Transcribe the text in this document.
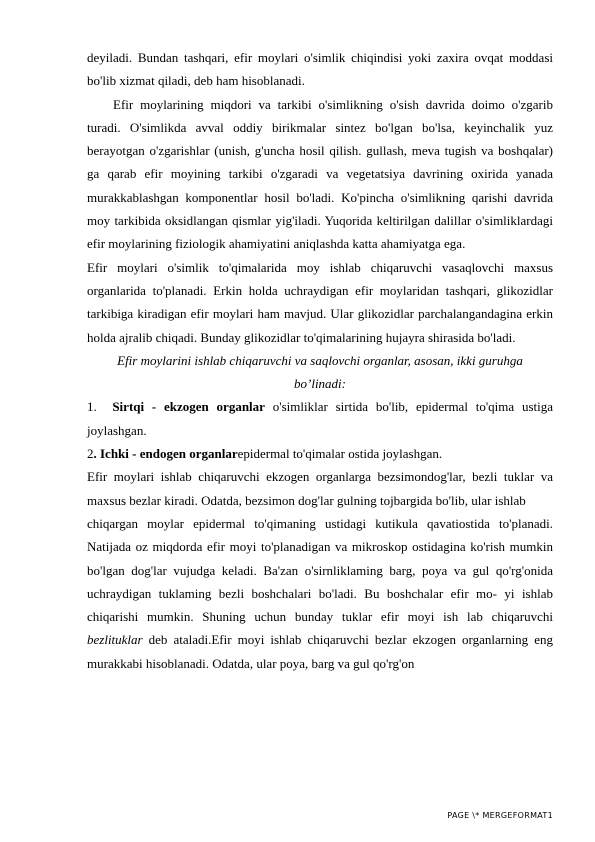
deyiladi. Bundan tashqari, efir moylari o'simlik chiqindisi yoki zaxira ovqat moddasi bo'lib xizmat qiladi, deb ham hisoblanadi.

Efir moylarining miqdori va tarkibi o'simlikning o'sish davrida doimo o'zgarib turadi. O'simlikda avval oddiy birikmalar sintez bo'lgan bo'lsa, keyinchalik yuz berayotgan o'zgarishlar (unish, g'uncha hosil qilish. gullash, meva tugish va boshqalar) ga qarab efir moyining tarkibi o'zgaradi va vegetatsiya davrining oxirida yanada murakkablashgan komponentlar hosil bo'ladi. Ko'pincha o'simlikning qarishi davrida moy tarkibida oksidlangan qismlar yig'iladi. Yuqorida keltirilgan dalillar o'simliklardagi efir moylarining fiziologik ahamiyatini aniqlashda katta ahamiyatga ega.

Efir moylari o'simlik to'qimalarida moy ishlab chiqaruvchi vasaqlovchi maxsus organlarida to'planadi. Erkin holda uchraydigan efir moylaridan tashqari, glikozidlar tarkibiga kiradigan efir moylari ham mavjud. Ular glikozidlar parchalangandagina erkin holda ajralib chiqadi. Bunday glikozidlar to'qimalarining hujayra shirasida bo'ladi.

Efir moylarini ishlab chiqaruvchi va saqlovchi organlar, asosan, ikki guruhga bo’linadi:

1. Sirtqi - ekzogen organlar o'simliklar sirtida bo'lib, epidermal to'qima ustiga joylashgan.

2. Ichki - endogen organlarepidermal to'qimalar ostida joylashgan.

Efir moylari ishlab chiqaruvchi ekzogen organlarga bezsimondog'lar, bezli tuklar va maxsus bezlar kiradi. Odatda, bezsimon dog'lar gulning tojbargida bo'lib, ular ishlab

chiqargan moylar epidermal to'qimaning ustidagi kutikula qavatiostida to'planadi. Natijada oz miqdorda efir moyi to'planadigan va mikroskop ostidagina ko'rish mumkin bo'lgan dog'lar vujudga keladi. Ba'zan o'sirnliklaming barg, poya va gul qo'rg'onida uchraydigan tuklaming bezli boshchalari bo'ladi. Bu boshchalar efir mo- yi ishlab chiqarishi mumkin. Shuning uchun bunday tuklar efir moyi ish lab chiqaruvchi bezlituklar deb ataladi.Efir moyi ishlab chiqaruvchi bezlar ekzogen organlarning eng murakkabi hisoblanadi. Odatda, ular poya, barg va gul qo'rg'on

PAGE \* MERGEFORMAT1
